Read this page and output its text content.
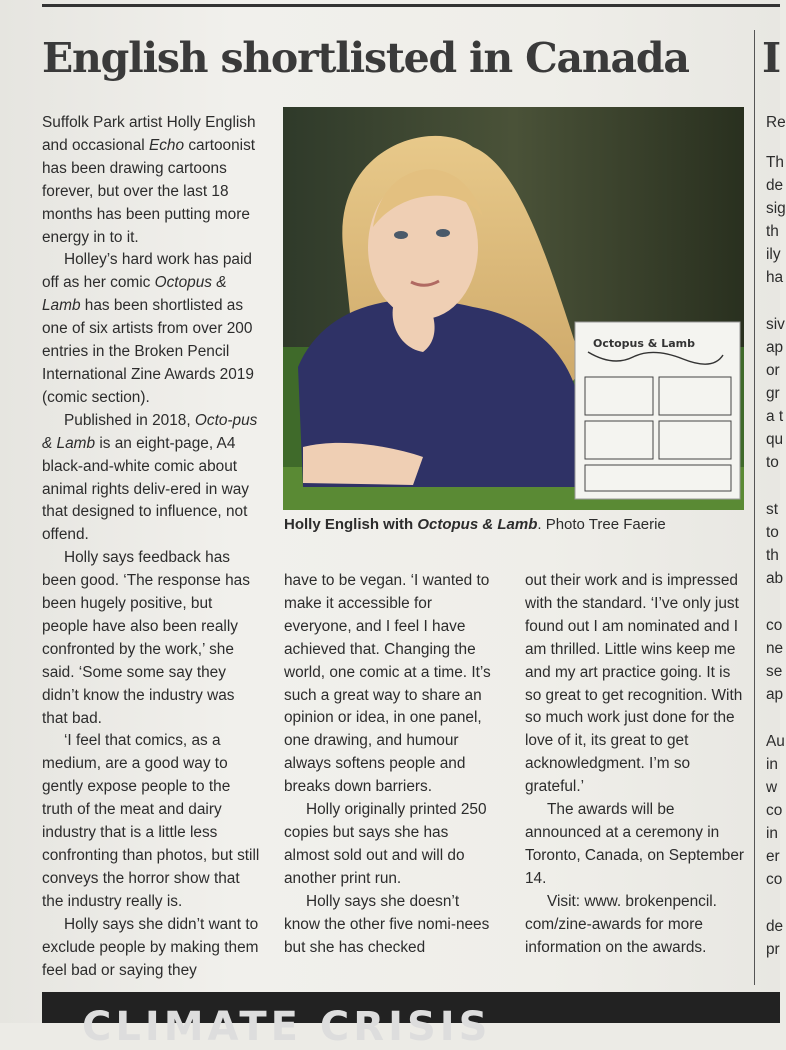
English shortlisted in Canada I

Suffolk Park artist Holly English and occasional Echo cartoonist has been drawing cartoons forever, but over the last 18 months has been putting more energy in to it.

Holley’s hard work has paid off as her comic Octopus & Lamb has been shortlisted as one of six artists from over 200 entries in the Broken Pencil International Zine Awards 2019 (comic section).

Published in 2018, Octo-pus & Lamb is an eight-page, A4 black-and-white comic about animal rights deliv-ered in way that designed to influence, not offend.

Holly says feedback has been good. ‘The response has been hugely positive, but people have also been really confronted by the work,’ she said. ‘Some some say they didn’t know the industry was that bad.

‘I feel that comics, as a medium, are a good way to gently expose people to the truth of the meat and dairy industry that is a little less confronting than photos, but still conveys the horror show that the industry really is.

Holly says she didn’t want to exclude people by making them feel bad or saying they

Octopus & Lamb
Holly English with Octopus & Lamb. Photo Tree Faerie

have to be vegan. ‘I wanted to make it accessible for everyone, and I feel I have achieved that. Changing the world, one comic at a time. It’s such a great way to share an opinion or idea, in one panel, one drawing, and humour always softens people and breaks down barriers.

Holly originally printed 250 copies but says she has almost sold out and will do another print run.

Holly says she doesn’t know the other five nomi-nees but she has checked

out their work and is impressed with the standard. ‘I’ve only just found out I am nominated and I am thrilled. Little wins keep me and my art practice going. It is so great to get recognition. With so much work just done for the love of it, its great to get acknowledgment. I’m so grateful.’

The awards will be announced at a ceremony in Toronto, Canada, on September 14.

Visit: www. brokenpencil. com/zine-awards for more information on the awards.

Re
Th
de
sig
th
ily
ha
siv
ap
or
gr
a t
qu
to
st
to
th
ab
co
ne
se
ap
Au
in
w
co
in
er
co
de
pr
CLIMATE CRISIS
